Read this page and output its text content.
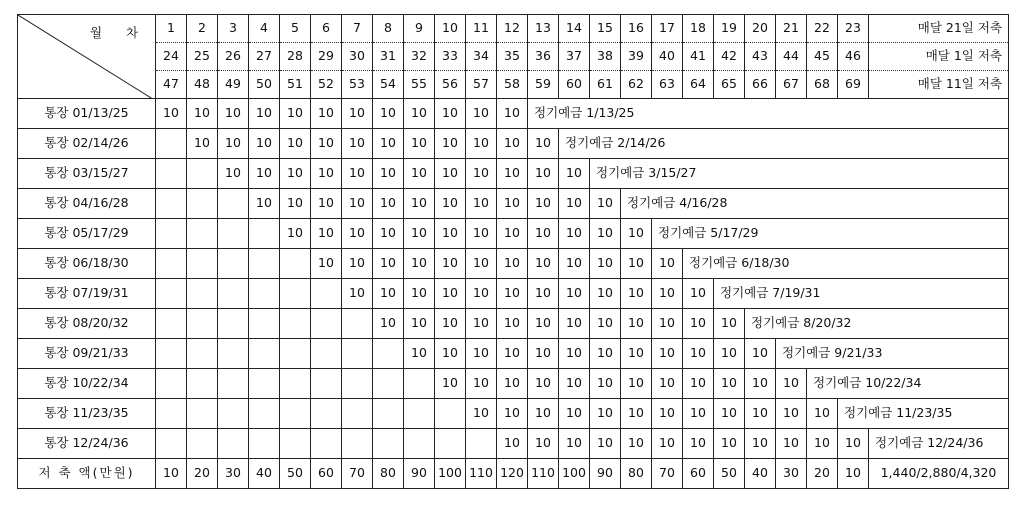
월 차	1	2	3	4	5	6	7	8	9	10	11	12	13	14	15	16	17	18	19	20	21	22	23	매달 21일 저축
	24	25	26	27	28	29	30	31	32	33	34	35	36	37	38	39	40	41	42	43	44	45	46	매달 1일 저축
	47	48	49	50	51	52	53	54	55	56	57	58	59	60	61	62	63	64	65	66	67	68	69	매달 11일 저축
통장 01/13/25	10	10	10	10	10	10	10	10	10	10	10	10	정기예금 1/13/25											
통장 02/14/26		10	10	10	10	10	10	10	10	10	10	10	10	정기예금 2/14/26										
통장 03/15/27			10	10	10	10	10	10	10	10	10	10	10	10	정기예금 3/15/27									
통장 04/16/28				10	10	10	10	10	10	10	10	10	10	10	10	정기예금 4/16/28								
통장 05/17/29					10	10	10	10	10	10	10	10	10	10	10	10	정기예금 5/17/29							
통장 06/18/30						10	10	10	10	10	10	10	10	10	10	10	10	정기예금 6/18/30						
통장 07/19/31							10	10	10	10	10	10	10	10	10	10	10	10	정기예금 7/19/31					
통장 08/20/32								10	10	10	10	10	10	10	10	10	10	10	10	정기예금 8/20/32				
통장 09/21/33									10	10	10	10	10	10	10	10	10	10	10	10	정기예금 9/21/33			
통장 10/22/34										10	10	10	10	10	10	10	10	10	10	10	10	정기예금 10/22/34		
통장 11/23/35											10	10	10	10	10	10	10	10	10	10	10	10	정기예금 11/23/35	
통장 12/24/36												10	10	10	10	10	10	10	10	10	10	10	10	정기예금 12/24/36
저 축 액(만원)	10	20	30	40	50	60	70	80	90	100	110	120	110	100	90	80	70	60	50	40	30	20	10	1,440/2,880/4,320
